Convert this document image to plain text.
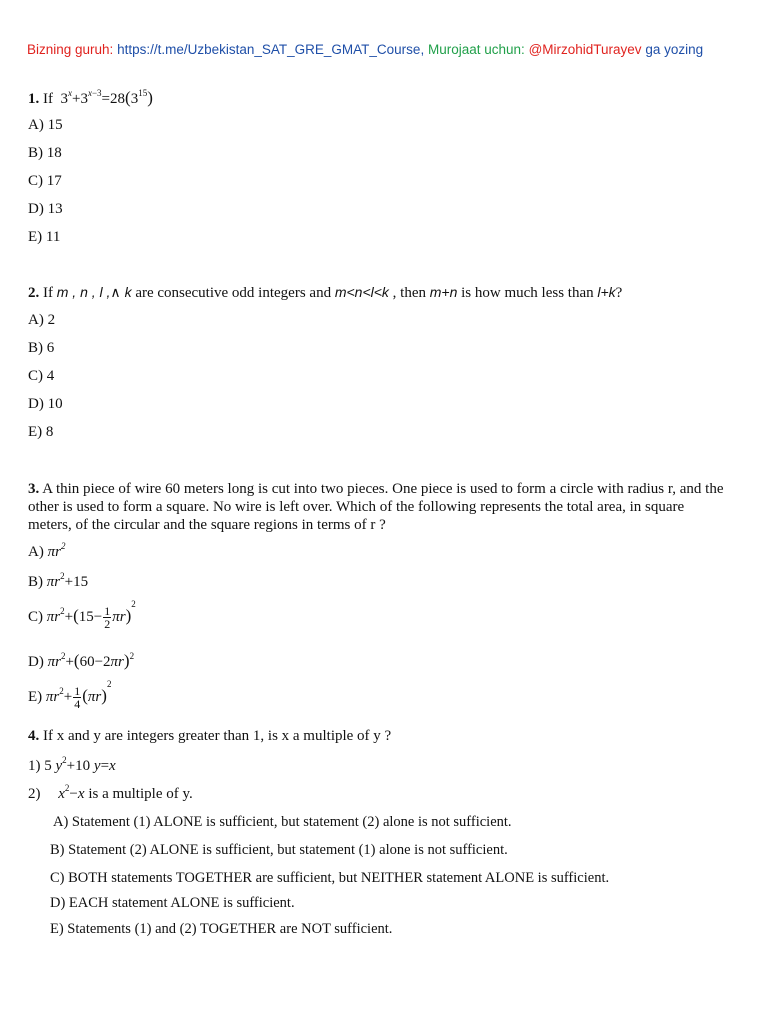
Bizning guruh: https://t.me/Uzbekistan_SAT_GRE_GMAT_Course, Murojaat uchun: @MirzohidTurayev ga yozing
1. If  $3^x+3^{x-3}=28(3^{15})$
A) 15
B) 18
C) 17
D) 13
E) 11
2. If m , n , l ,∧ k are consecutive odd integers and m<n<l<k , then m+n is how much less than l+k?
A) 2
B) 6
C) 4
D) 10
E) 8
3. A thin piece of wire 60 meters long is cut into two pieces. One piece is used to form a circle with radius r, and the other is used to form a square. No wire is left over. Which of the following represents the total area, in square meters, of the circular and the square regions in terms of r ?
A) $\pi r^2$
B) $\pi r^2+15$
C) $\pi r^2+(15- \frac{1}{2} \pi r)^2$
D) $\pi r^2+(60-2\pi r)^2$
E) $\pi r^2+ \frac{1}{4} (\pi r)^2$
4. If x and y are integers greater than 1, is x a multiple of y ?
1) 5 $y^2+10$ y=x
2) $x^2-x$ is a multiple of y.
A) Statement (1) ALONE is sufficient, but statement (2) alone is not sufficient.
B) Statement (2) ALONE is sufficient, but statement (1) alone is not sufficient.
C) BOTH statements TOGETHER are sufficient, but NEITHER statement ALONE is sufficient.
D) EACH statement ALONE is sufficient.
E) Statements (1) and (2) TOGETHER are NOT sufficient.
